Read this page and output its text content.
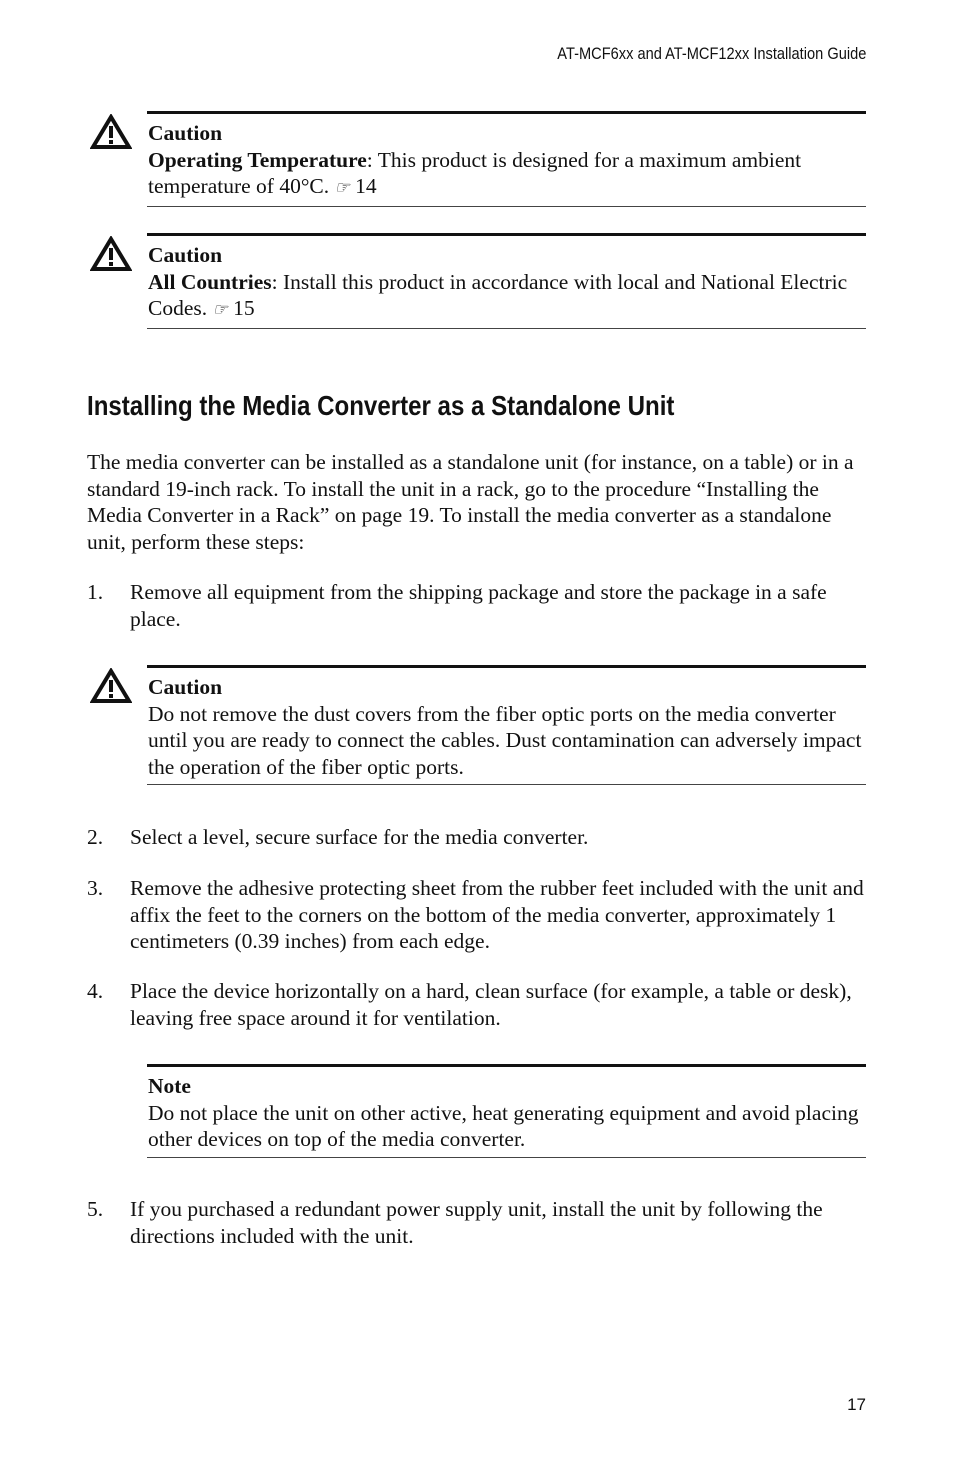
AT-MCF6xx and AT-MCF12xx Installation Guide
Caution
Operating Temperature: This product is designed for a maximum ambient temperature of 40°C. ☞ 14
Caution
All Countries: Install this product in accordance with local and National Electric Codes. ☞ 15
Installing the Media Converter as a Standalone Unit
The media converter can be installed as a standalone unit (for instance, on a table) or in a standard 19-inch rack. To install the unit in a rack, go to the procedure “Installing the Media Converter in a Rack” on page 19. To install the media converter as a standalone unit, perform these steps:
1. Remove all equipment from the shipping package and store the package in a safe place.
Caution
Do not remove the dust covers from the fiber optic ports on the media converter until you are ready to connect the cables. Dust contamination can adversely impact the operation of the fiber optic ports.
2. Select a level, secure surface for the media converter.
3. Remove the adhesive protecting sheet from the rubber feet included with the unit and affix the feet to the corners on the bottom of the media converter, approximately 1 centimeters (0.39 inches) from each edge.
4. Place the device horizontally on a hard, clean surface (for example, a table or desk), leaving free space around it for ventilation.
Note
Do not place the unit on other active, heat generating equipment and avoid placing other devices on top of the media converter.
5. If you purchased a redundant power supply unit, install the unit by following the directions included with the unit.
17
